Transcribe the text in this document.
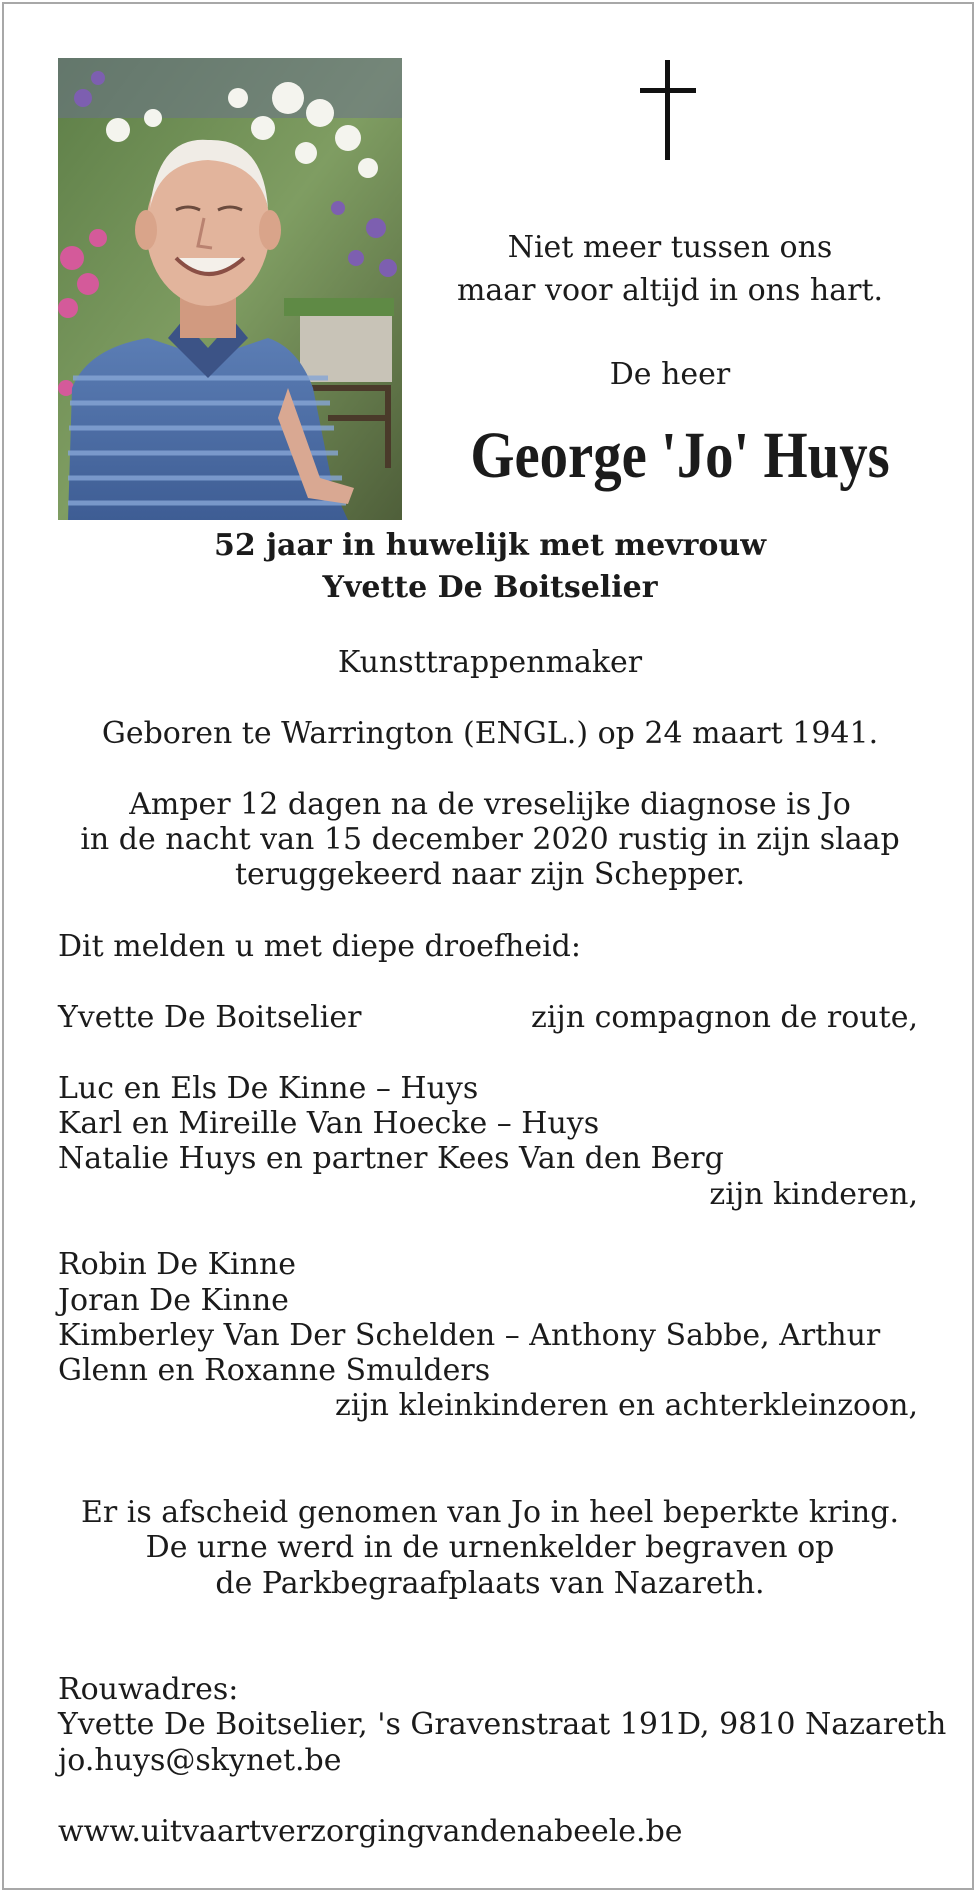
Niet meer tussen ons
maar voor altijd in ons hart.
De heer
George 'Jo' Huys
52 jaar in huwelijk met mevrouw
Yvette De Boitselier
Kunsttrappenmaker
Geboren te Warrington (ENGL.) op 24 maart 1941.
Amper 12 dagen na de vreselijke diagnose is Jo
in de nacht van 15 december 2020 rustig in zijn slaap
teruggekeerd naar zijn Schepper.
Dit melden u met diepe droefheid:
Yvette De Boitselier	zijn compagnon de route,
Luc en Els De Kinne – Huys
Karl en Mireille Van Hoecke – Huys
Natalie Huys en partner Kees Van den Berg
zijn kinderen,
Robin De Kinne
Joran De Kinne
Kimberley Van Der Schelden – Anthony Sabbe, Arthur
Glenn en Roxanne Smulders
zijn kleinkinderen en achterkleinzoon,
Er is afscheid genomen van Jo in heel beperkte kring.
De urne werd in de urnenkelder begraven op
de Parkbegraafplaats van Nazareth.
Rouwadres:
Yvette De Boitselier, 's Gravenstraat 191D, 9810 Nazareth
jo.huys@skynet.be
www.uitvaartverzorgingvandenabeele.be
